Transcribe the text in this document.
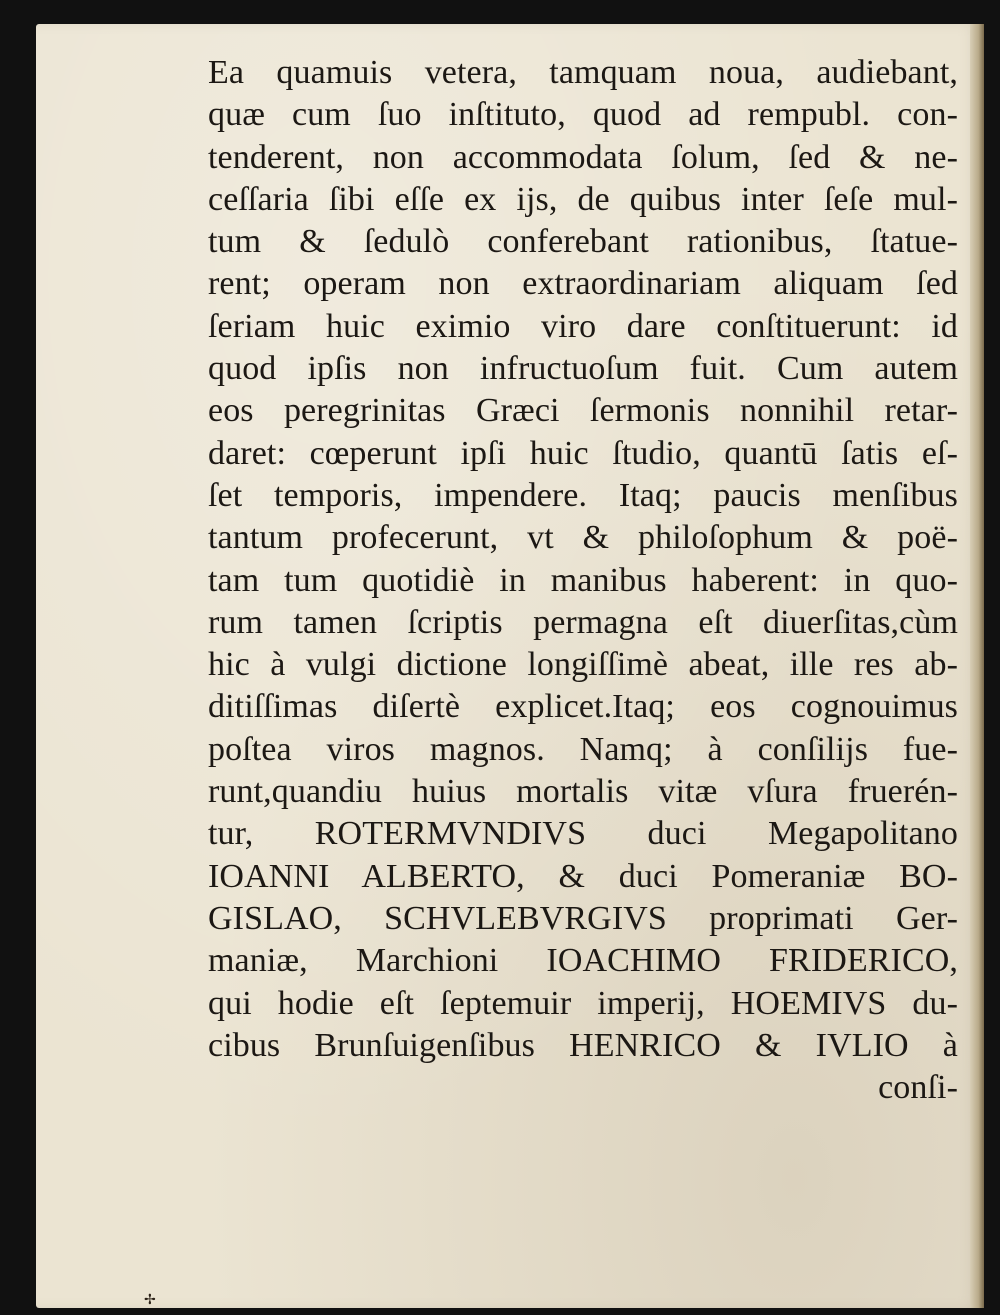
Ea quamuis vetera, tamquam noua, audiebant,
quæ cum ſuo inſtituto, quod ad rempubl. con-
tenderent, non accommodata ſolum, ſed & ne-
ceſſaria ſibi eſſe ex ijs, de quibus inter ſeſe mul-
tum & ſedulò conferebant rationibus, ſtatue-
rent; operam non extraordinariam aliquam ſed
ſeriam huic eximio viro dare conſtituerunt: id
quod ipſis non infructuoſum fuit. Cum autem
eos peregrinitas Græci ſermonis nonnihil retar-
daret: cœperunt ipſi huic ſtudio, quantū ſatis eſ-
ſet temporis, impendere. Itaq; paucis menſibus
tantum profecerunt, vt & philoſophum & poë-
tam tum quotidiè in manibus haberent: in quo-
rum tamen ſcriptis permagna eſt diuerſitas,cùm
hic à vulgi dictione longiſſimè abeat, ille res ab-
ditiſſimas diſertè explicet.Itaq; eos cognouimus
poſtea viros magnos. Namq; à conſilijs fue-
runt,quandiu huius mortalis vitæ vſura fruerén-
tur, ROTERMVNDIVS duci Megapolitano
IOANNI ALBERTO, & duci Pomeraniæ BO-
GISLAO, SCHVLEBVRGIVS proprimati Ger-
maniæ, Marchioni IOACHIMO FRIDERICO,
qui hodie eſt ſeptemuir imperij, HOEMIVS du-
cibus Brunſuigenſibus HENRICO & IVLIO à
conſi-
✢
